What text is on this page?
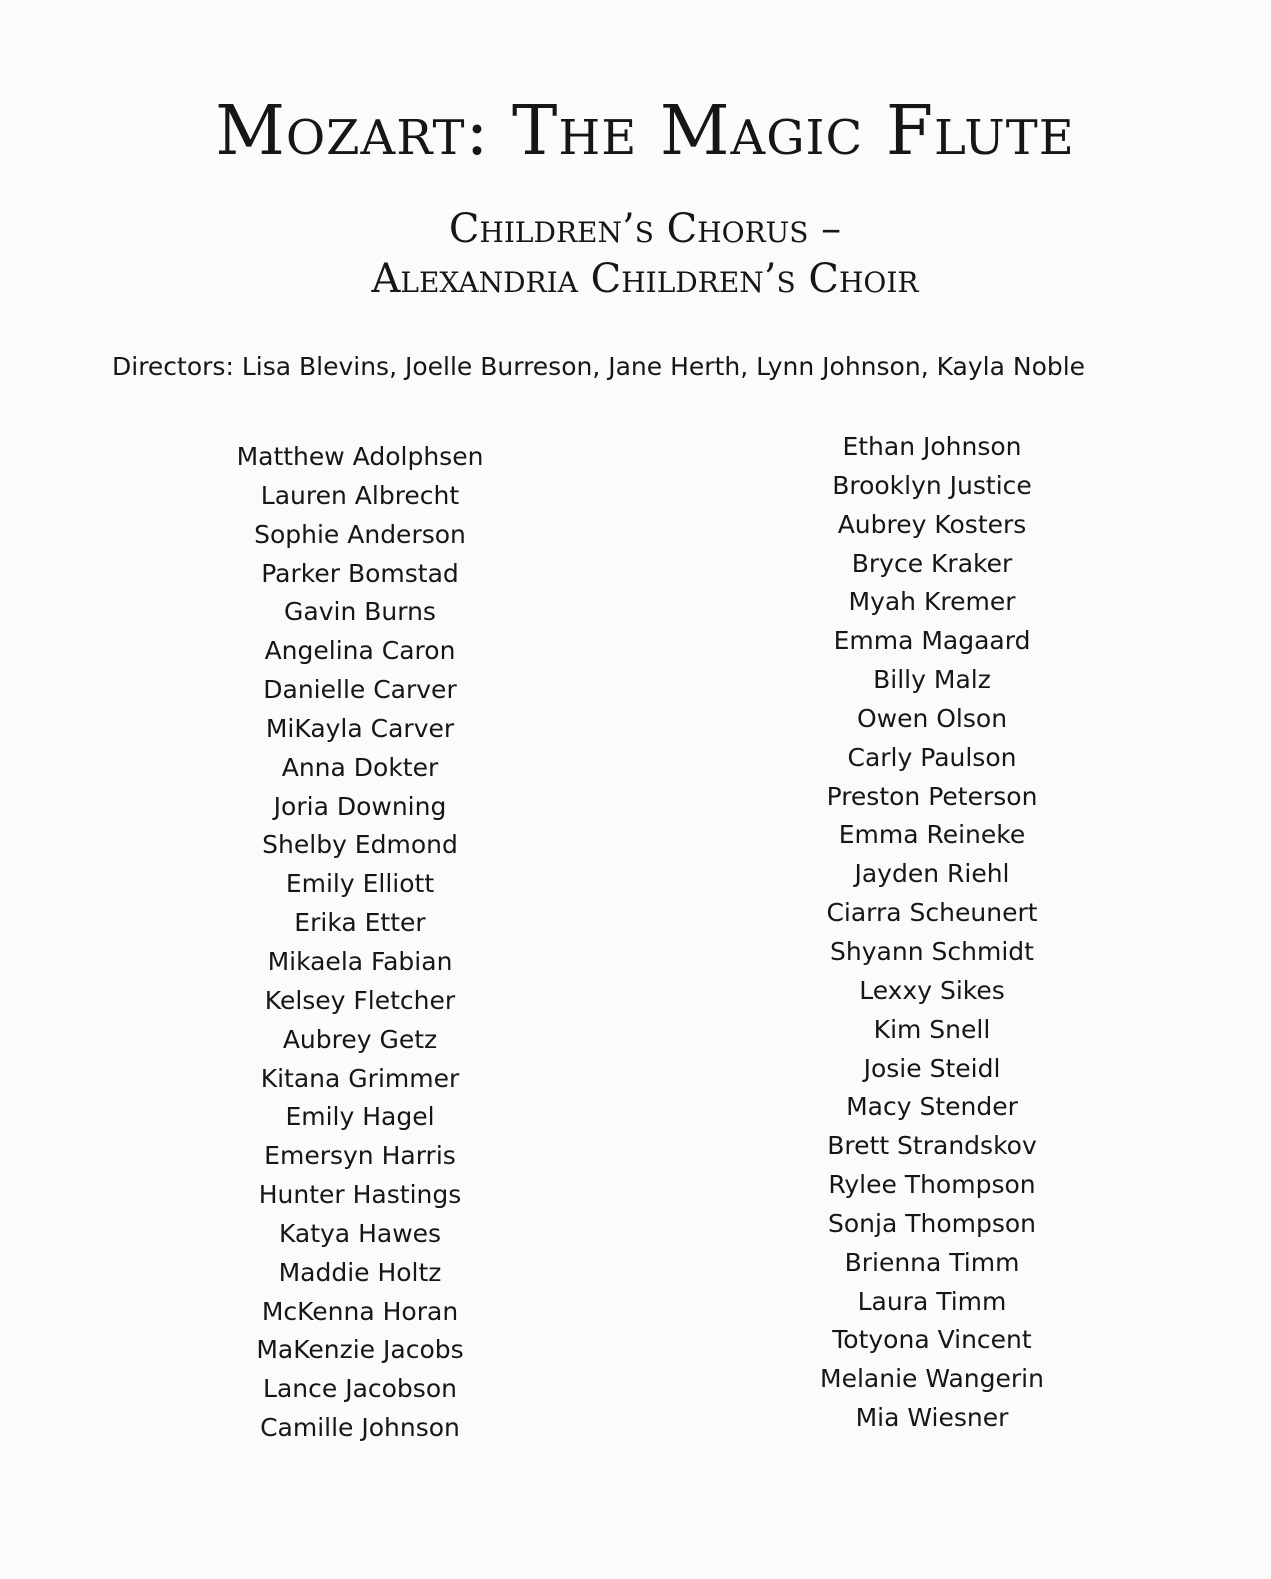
Mozart: The Magic Flute
Children’s Chorus –
Alexandria Children’s Choir
Directors: Lisa Blevins, Joelle Burreson, Jane Herth, Lynn Johnson, Kayla Noble
Matthew Adolphsen
Lauren Albrecht
Sophie Anderson
Parker Bomstad
Gavin Burns
Angelina Caron
Danielle Carver
MiKayla Carver
Anna Dokter
Joria Downing
Shelby Edmond
Emily Elliott
Erika Etter
Mikaela Fabian
Kelsey Fletcher
Aubrey Getz
Kitana Grimmer
Emily Hagel
Emersyn Harris
Hunter Hastings
Katya Hawes
Maddie Holtz
McKenna Horan
MaKenzie Jacobs
Lance Jacobson
Camille Johnson
Ethan Johnson
Brooklyn Justice
Aubrey Kosters
Bryce Kraker
Myah Kremer
Emma Magaard
Billy Malz
Owen Olson
Carly Paulson
Preston Peterson
Emma Reineke
Jayden Riehl
Ciarra Scheunert
Shyann Schmidt
Lexxy Sikes
Kim Snell
Josie Steidl
Macy Stender
Brett Strandskov
Rylee Thompson
Sonja Thompson
Brienna Timm
Laura Timm
Totyona Vincent
Melanie Wangerin
Mia Wiesner
